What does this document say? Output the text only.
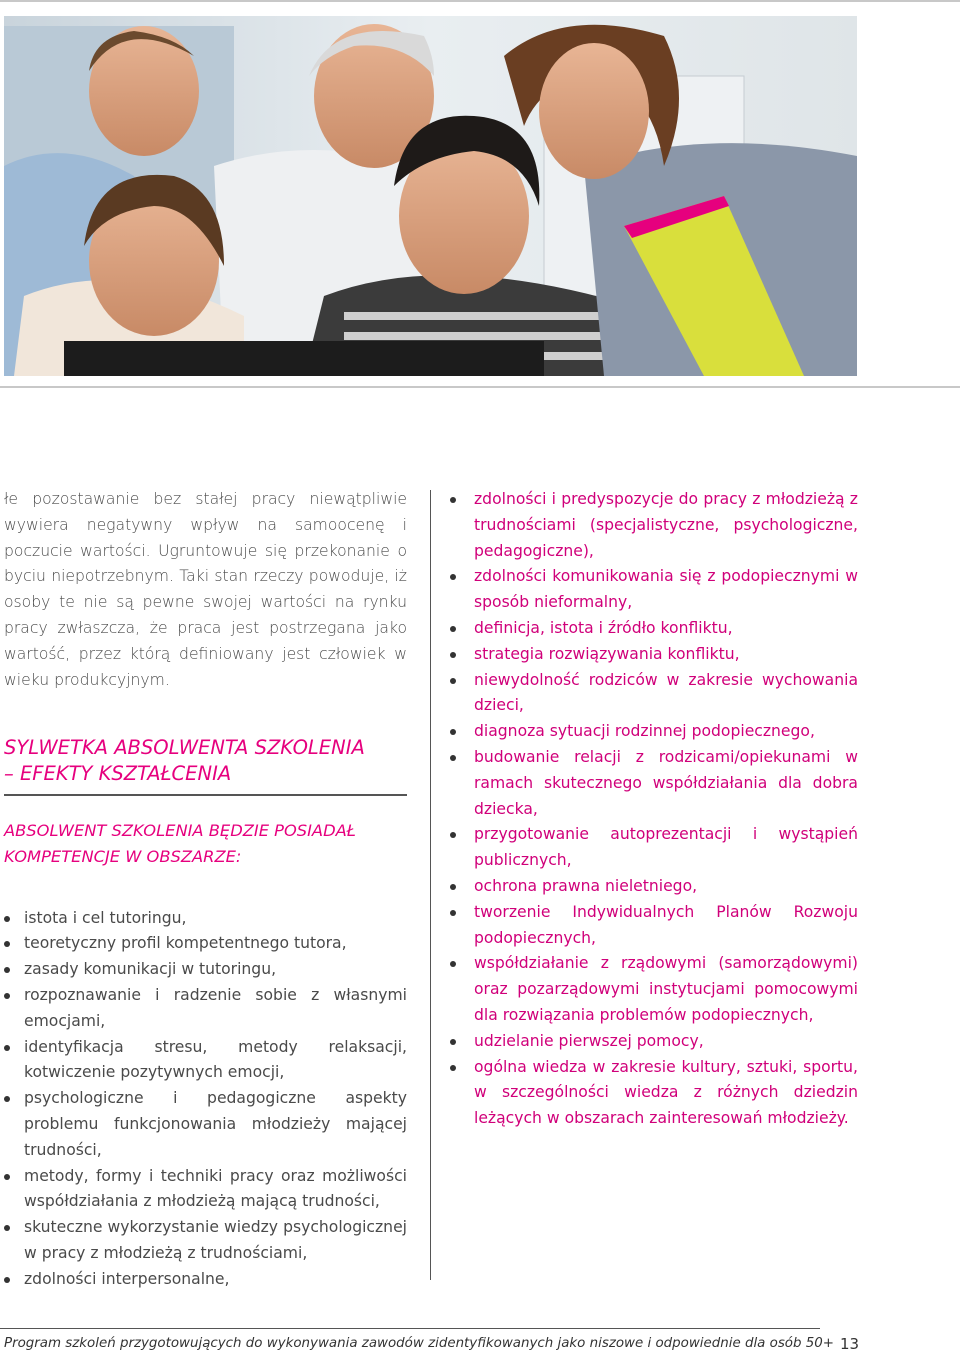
łe pozostawanie bez stałej pracy niewątpliwie wywiera negatywny wpływ na samoocenę i poczucie wartości. Ugruntowuje się przekonanie o byciu niepotrzebnym. Taki stan rzeczy powoduje, iż osoby te nie są pewne swojej wartości na rynku pracy zwłaszcza, że praca jest postrzegana jako wartość, przez którą definiowany jest człowiek w wieku produkcyjnym.

SYLWETKA ABSOLWENTA SZKOLENIA
– EFEKTY KSZTAŁCENIA
ABSOLWENT SZKOLENIA BĘDZIE POSIADAŁ
KOMPETENCJE W OBSZARZE:
istota i cel tutoringu,
teoretyczny profil kompetentnego tutora,
zasady komunikacji w tutoringu,
rozpoznawanie i radzenie sobie z własnymi emocjami,
identyfikacja stresu, metody relaksacji, kotwiczenie pozytywnych emocji,
psychologiczne i pedagogiczne aspekty problemu funkcjonowania młodzieży mającej trudności,
metody, formy i techniki pracy oraz możliwości współdziałania z młodzieżą mającą trudności,
skuteczne wykorzystanie wiedzy psychologicznej w pracy z młodzieżą z trudnościami,
zdolności interpersonalne,
zdolności i predyspozycje do pracy z młodzieżą z trudnościami (specjalistyczne, psychologiczne, pedagogiczne),
zdolności komunikowania się z podopiecznymi w sposób nieformalny,
definicja, istota i źródło konfliktu,
strategia rozwiązywania konfliktu,
niewydolność rodziców w zakresie wychowania dzieci,
diagnoza sytuacji rodzinnej podopiecznego,
budowanie relacji z rodzicami/opiekunami w ramach skutecznego współdziałania dla dobra dziecka,
przygotowanie autoprezentacji i wystąpień publicznych,
ochrona prawna nieletniego,
tworzenie Indywidualnych Planów Rozwoju podopiecznych,
współdziałanie z rządowymi (samorządowymi) oraz pozarządowymi instytucjami pomocowymi dla rozwiązania problemów podopiecznych,
udzielanie pierwszej pomocy,
ogólna wiedza w zakresie kultury, sztuki, sportu, w szczególności wiedza z różnych dziedzin leżących w obszarach zainteresowań młodzieży.
Program szkoleń przygotowujących do wykonywania zawodów zidentyfikowanych jako niszowe i odpowiednie dla osób 50+ 13
